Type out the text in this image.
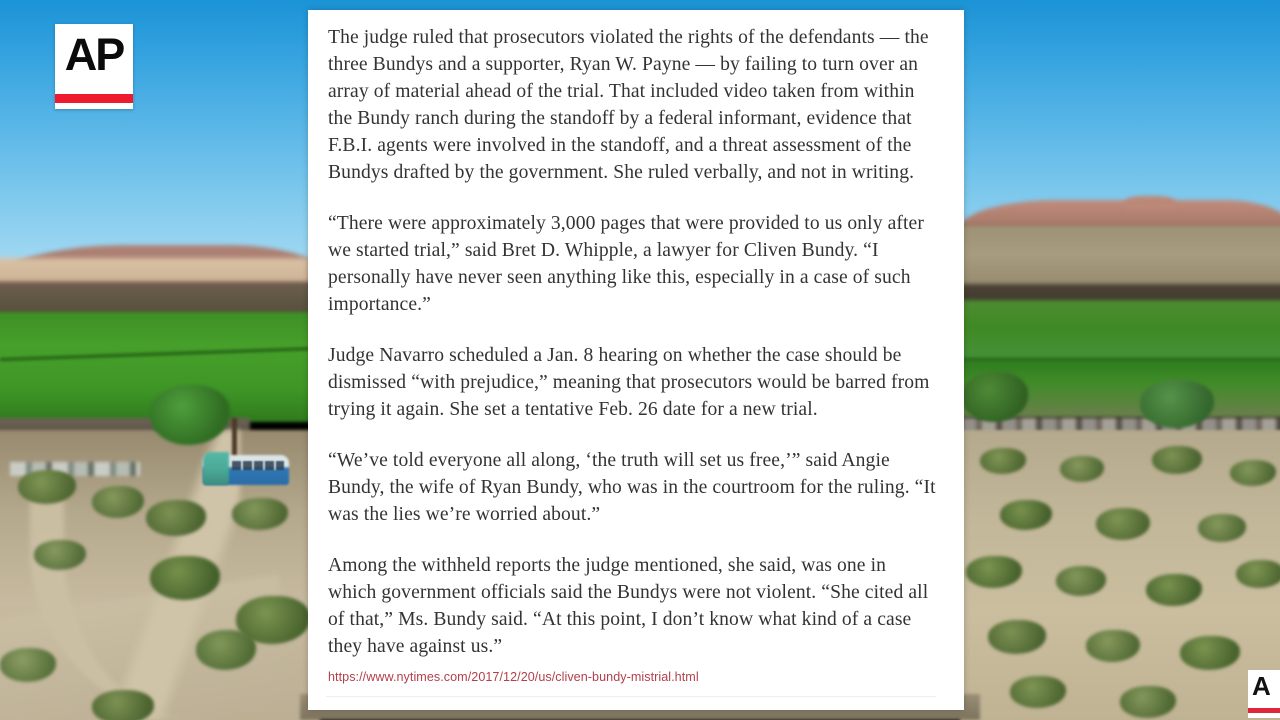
AP	The judge ruled that prosecutors violated the rights of the defendants — the three Bundys and a supporter, Ryan W. Payne — by failing to turn over an array of material ahead of the trial. That included video taken from within the Bundy ranch during the standoff by a federal informant, evidence that F.B.I. agents were involved in the standoff, and a threat assessment of the Bundys drafted by the government. She ruled verbally, and not in writing.

“There were approximately 3,000 pages that were provided to us only after we started trial,” said Bret D. Whipple, a lawyer for Cliven Bundy. “I personally have never seen anything like this, especially in a case of such importance.”

Judge Navarro scheduled a Jan. 8 hearing on whether the case should be dismissed “with prejudice,” meaning that prosecutors would be barred from trying it again. She set a tentative Feb. 26 date for a new trial.

“We’ve told everyone all along, ‘the truth will set us free,’” said Angie Bundy, the wife of Ryan Bundy, who was in the courtroom for the ruling. “It was the lies we’re worried about.”

Among the withheld reports the judge mentioned, she said, was one in which government officials said the Bundys were not violent. “She cited all of that,” Ms. Bundy said. “At this point, I don’t know what kind of a case they have against us.”

https://www.nytimes.com/2017/12/20/us/cliven-bundy-mistrial.html	A
